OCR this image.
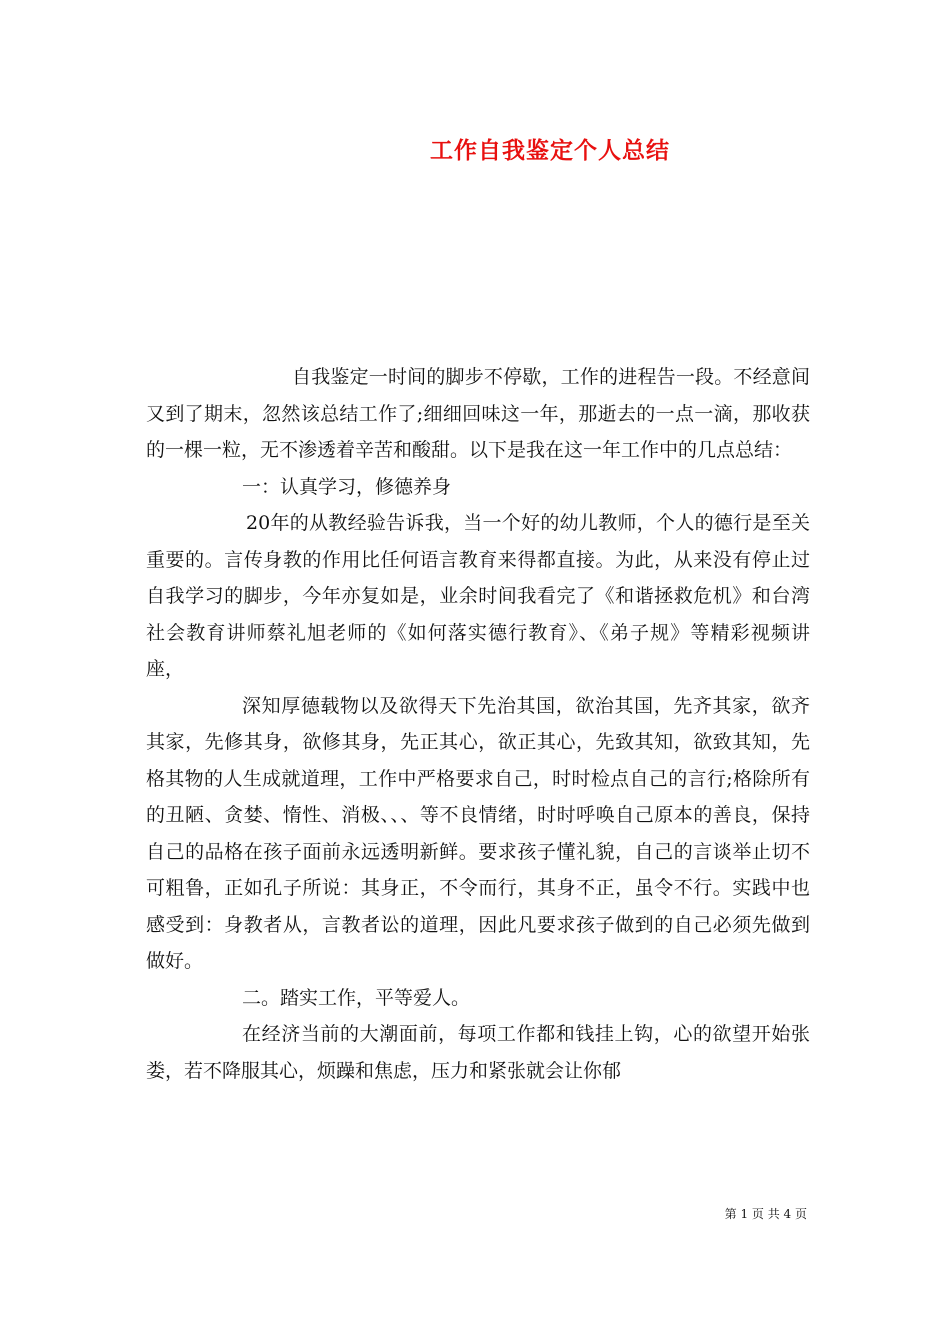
工作自我鉴定个人总结

自我鉴定一时间的脚步不停歇，工作的进程告一段。不经意间又到了期末，忽然该总结工作了;细细回味这一年，那逝去的一点一滴，那收获的一棵一粒，无不渗透着辛苦和酸甜。以下是我在这一年工作中的几点总结：

一：认真学习，修德养身

20年的从教经验告诉我，当一个好的幼儿教师，个人的德行是至关重要的。言传身教的作用比任何语言教育来得都直接。为此，从来没有停止过自我学习的脚步，今年亦复如是，业余时间我看完了《和谐拯救危机》和台湾社会教育讲师蔡礼旭老师的《如何落实德行教育》、《弟子规》等精彩视频讲座，

深知厚德载物以及欲得天下先治其国，欲治其国，先齐其家，欲齐其家，先修其身，欲修其身，先正其心，欲正其心，先致其知，欲致其知，先格其物的人生成就道理，工作中严格要求自己，时时检点自己的言行;格除所有的丑陋、贪婪、惰性、消极、、、等不良情绪，时时呼唤自己原本的善良，保持自己的品格在孩子面前永远透明新鲜。要求孩子懂礼貌，自己的言谈举止切不可粗鲁，正如孔子所说：其身正，不令而行，其身不正，虽令不行。实践中也感受到：身教者从，言教者讼的道理，因此凡要求孩子做到的自己必须先做到做好。

二。踏实工作，平等爱人。

在经济当前的大潮面前，每项工作都和钱挂上钩，心的欲望开始张娄，若不降服其心，烦躁和焦虑，压力和紧张就会让你郁

第 1 页 共 4 页
